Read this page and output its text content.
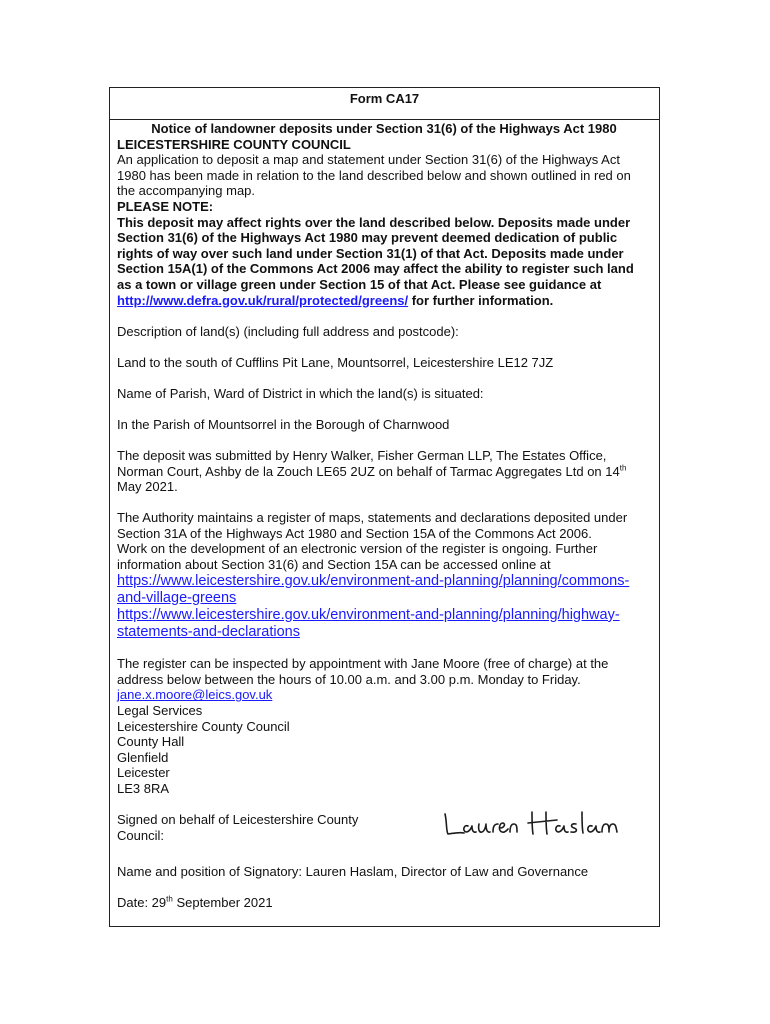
Form CA17
Notice of landowner deposits under Section 31(6) of the Highways Act 1980

LEICESTERSHIRE COUNTY COUNCIL

An application to deposit a map and statement under Section 31(6) of the Highways Act 1980 has been made in relation to the land described below and shown outlined in red on the accompanying map.

PLEASE NOTE:

This deposit may affect rights over the land described below. Deposits made under Section 31(6) of the Highways Act 1980 may prevent deemed dedication of public rights of way over such land under Section 31(1) of that Act. Deposits made under Section 15A(1) of the Commons Act 2006 may affect the ability to register such land as a town or village green under Section 15 of that Act. Please see guidance at
http://www.defra.gov.uk/rural/protected/greens/ for further information.

Description of land(s) (including full address and postcode):

Land to the south of Cufflins Pit Lane, Mountsorrel, Leicestershire LE12 7JZ

Name of Parish, Ward of District in which the land(s) is situated:

In the Parish of Mountsorrel in the Borough of Charnwood

The deposit was submitted by Henry Walker, Fisher German LLP, The Estates Office, Norman Court, Ashby de la Zouch LE65 2UZ on behalf of Tarmac Aggregates Ltd on 14th May 2021.

The Authority maintains a register of maps, statements and declarations deposited under Section 31A of the Highways Act 1980 and Section 15A of the Commons Act 2006.

Work on the development of an electronic version of the register is ongoing. Further information about Section 31(6) and Section 15A can be accessed online at

https://www.leicestershire.gov.uk/environment-and-planning/planning/commons-and-village-greens
https://www.leicestershire.gov.uk/environment-and-planning/planning/highway-statements-and-declarations

The register can be inspected by appointment with Jane Moore (free of charge) at the address below between the hours of 10.00 a.m. and 3.00 p.m. Monday to Friday.

jane.x.moore@leics.gov.uk

Legal Services
Leicestershire County Council
County Hall
Glenfield
Leicester
LE3 8RA
Signed on behalf of Leicestershire County Council:

Name and position of Signatory: Lauren Haslam, Director of Law and Governance

Date: 29th September 2021
